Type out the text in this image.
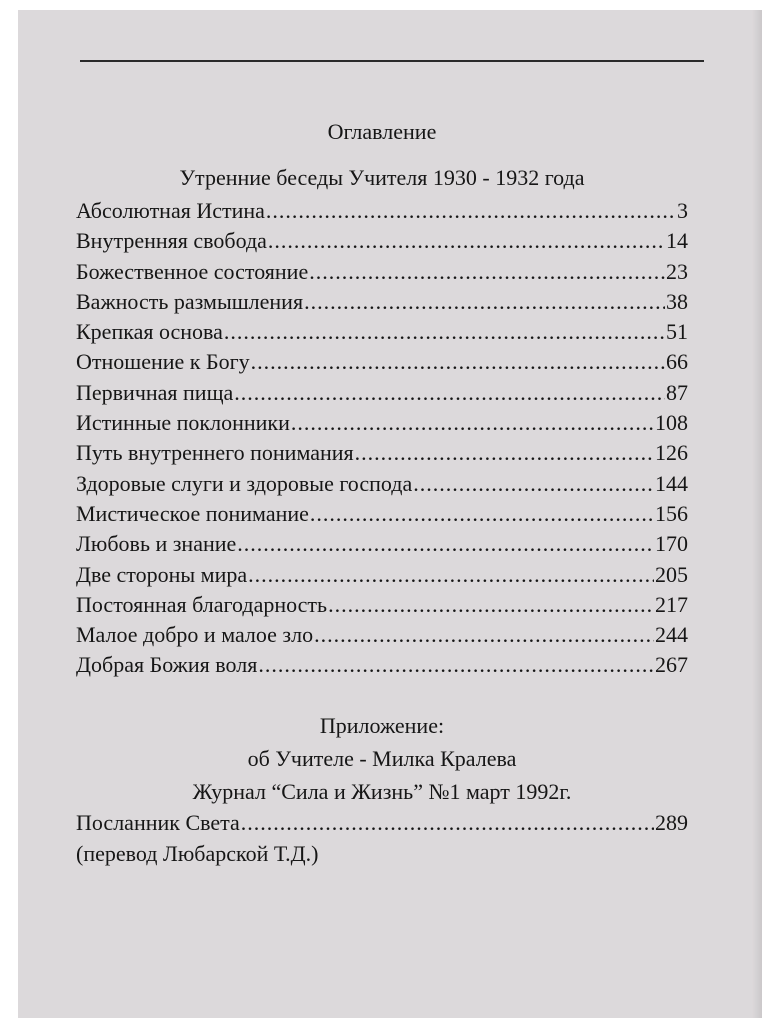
Оглавление
Утренние беседы Учителя 1930 - 1932 года
Абсолютная Истина .....	3
Внутренняя свобода .....	14
Божественное состояние .....	23
Важность размышления .....	38
Крепкая основа .....	51
Отношение к Богу .....	66
Первичная пища .....	87
Истинные поклонники .....	108
Путь внутреннего понимания .....	126
Здоровые слуги и здоровые господа .....	144
Мистическое понимание .....	156
Любовь и знание .....	170
Две стороны мира .....	205
Постоянная благодарность .....	217
Малое добро и малое зло .....	244
Добрая Божия воля .....	267
Приложение:
об Учителе - Милка Кралева
Журнал “Сила и Жизнь” №1 март 1992г.
Посланник Света .....	289
(перевод Любарской Т.Д.)
